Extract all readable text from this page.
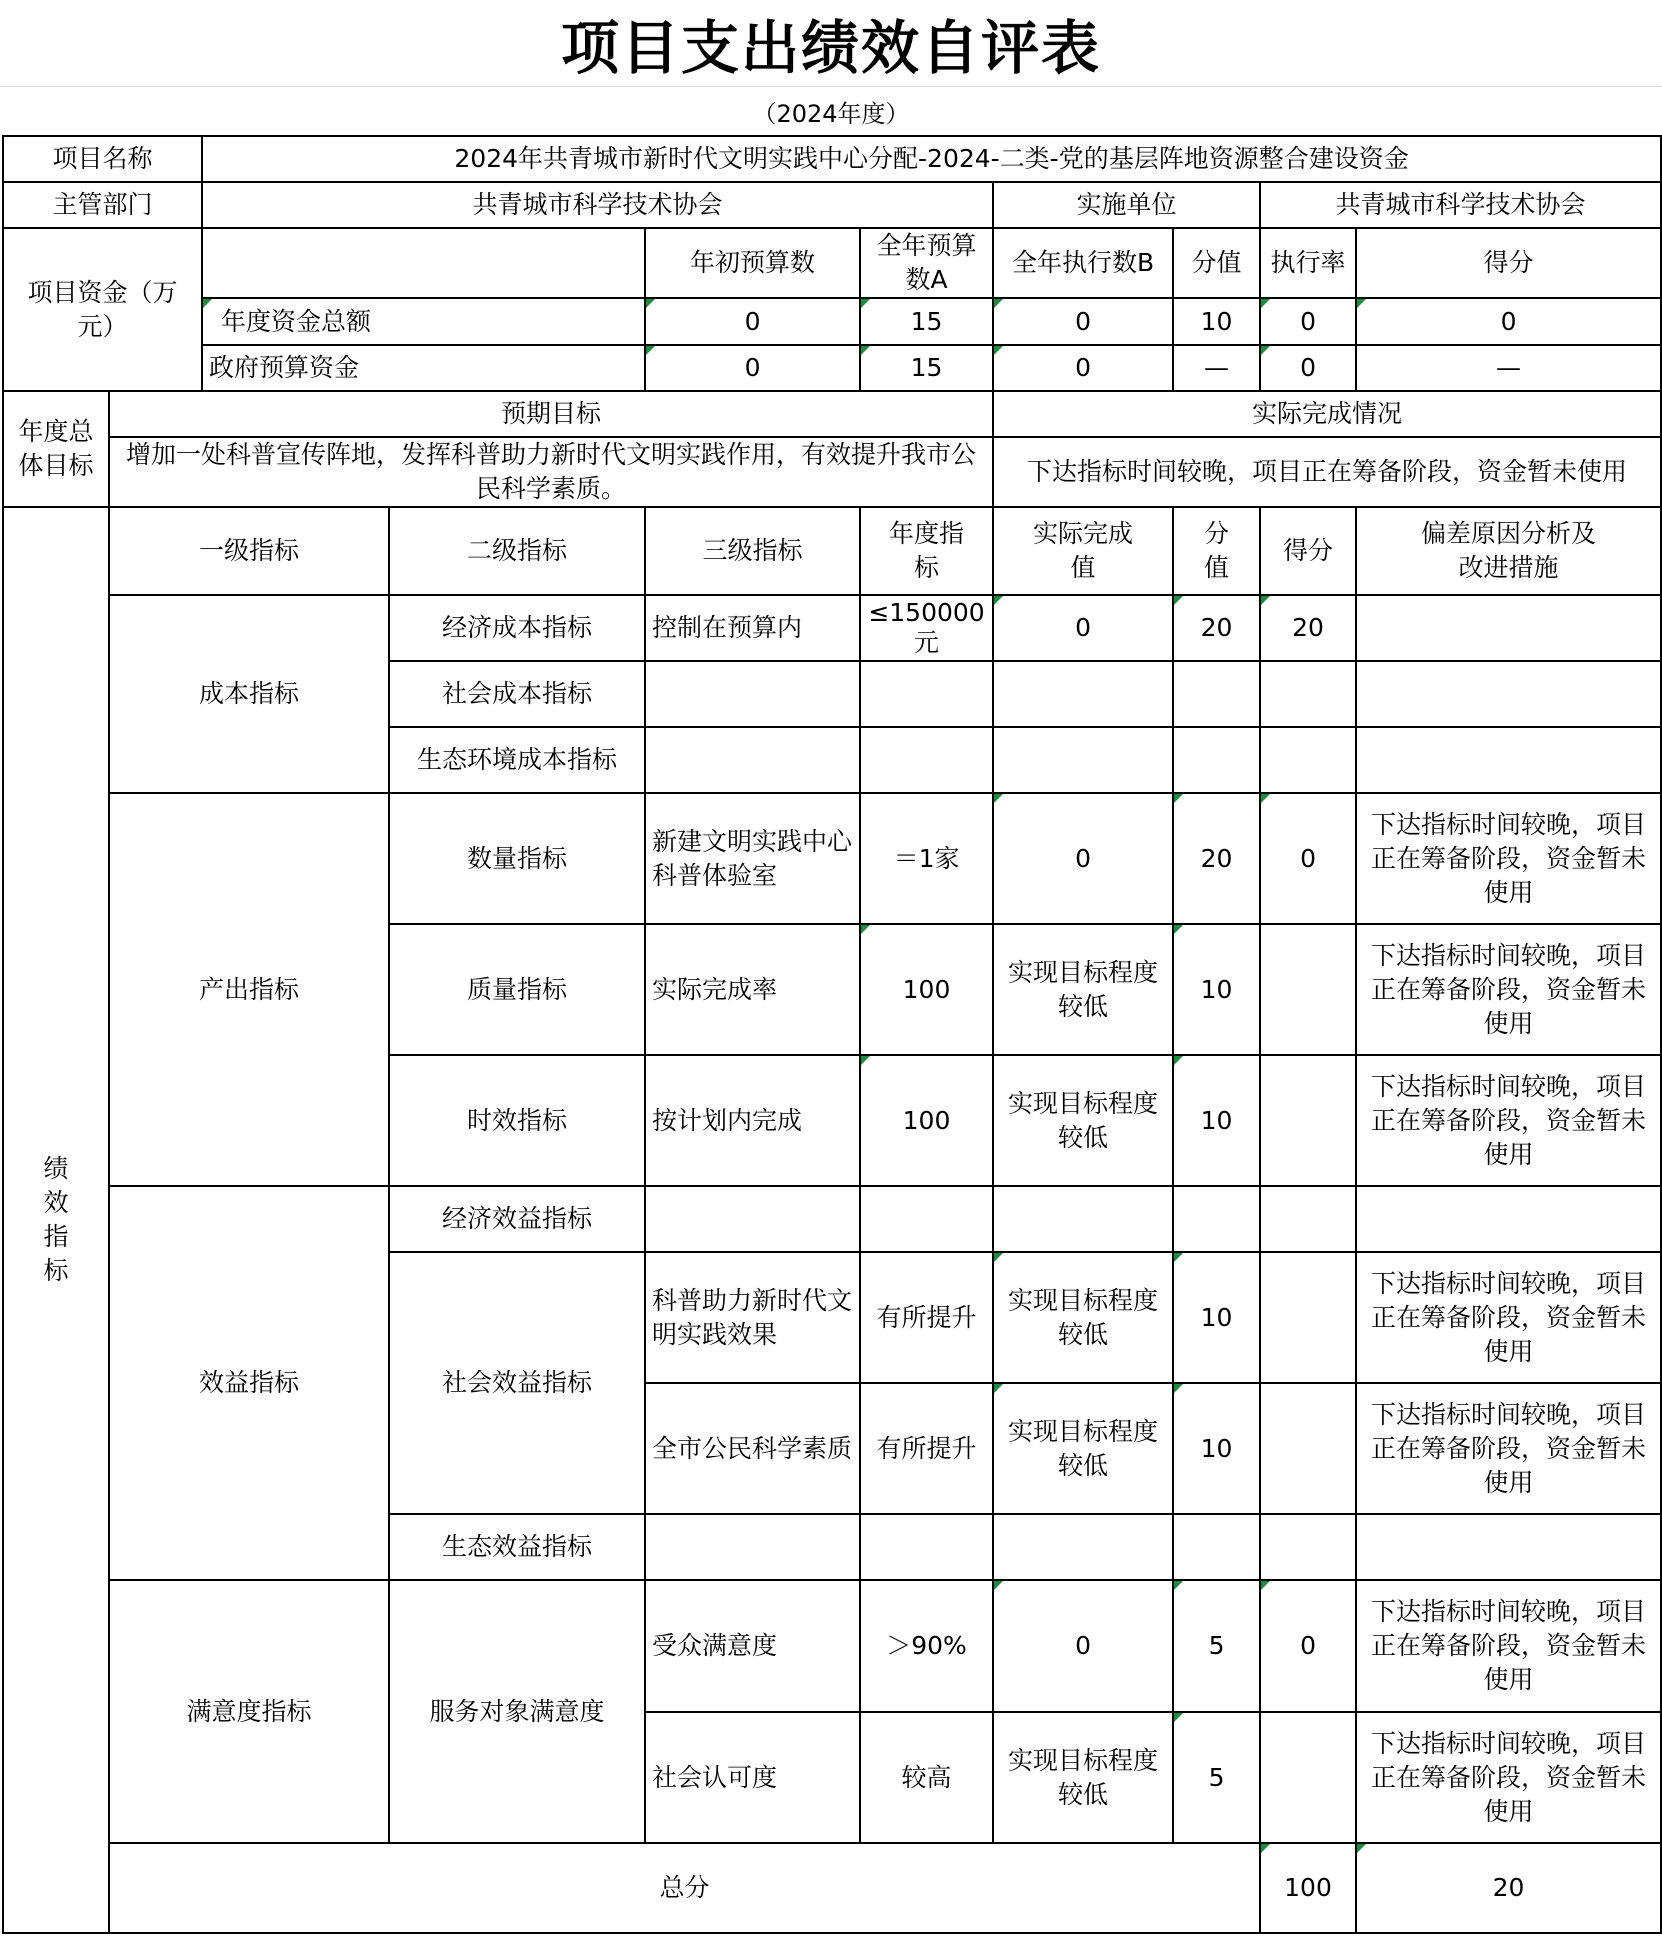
项目支出绩效自评表
（2024年度）
项目名称		2024年共青城市新时代文明实践中心分配-2024-二类-党的基层阵地资源整合建设资金								
主管部门		共青城市科学技术协会				实施单位		共青城市科学技术协会		
项目资金（万元）				年初预算数	全年预算数A	全年执行数B	分值	执行率	得分	
		年度资金总额		0	15	0	10	0	0	
		政府预算资金		0	15	0	—	0	—	
年度总体目标	预期目标					实际完成情况				
	增加一处科普宣传阵地，发挥科普助力新时代文明实践作用，有效提升我市公民科学素质。					下达指标时间较晚，项目正在筹备阶段，资金暂未使用				
绩效指标	一级指标		二级指标	三级指标	年度指标	实际完成值	分值	得分	偏差原因分析及改进措施	
	成本指标		经济成本指标	控制在预算内	≤150000元	0	20	20		
			社会成本指标							
			生态环境成本指标							
	产出指标		数量指标	新建文明实践中心科普体验室	＝1家	0	20	0	下达指标时间较晚，项目正在筹备阶段，资金暂未使用	
			质量指标	实际完成率	100	实现目标程度较低	10		下达指标时间较晚，项目正在筹备阶段，资金暂未使用	
			时效指标	按计划内完成	100	实现目标程度较低	10		下达指标时间较晚，项目正在筹备阶段，资金暂未使用	
	效益指标		经济效益指标							
			社会效益指标	科普助力新时代文明实践效果	有所提升	实现目标程度较低	10		下达指标时间较晚，项目正在筹备阶段，资金暂未使用	
				全市公民科学素质	有所提升	实现目标程度较低	10		下达指标时间较晚，项目正在筹备阶段，资金暂未使用	
			生态效益指标							
	满意度指标		服务对象满意度	受众满意度	＞90%	0	5	0	下达指标时间较晚，项目正在筹备阶段，资金暂未使用	
				社会认可度	较高	实现目标程度较低	5		下达指标时间较晚，项目正在筹备阶段，资金暂未使用	
	总分							100	20	
